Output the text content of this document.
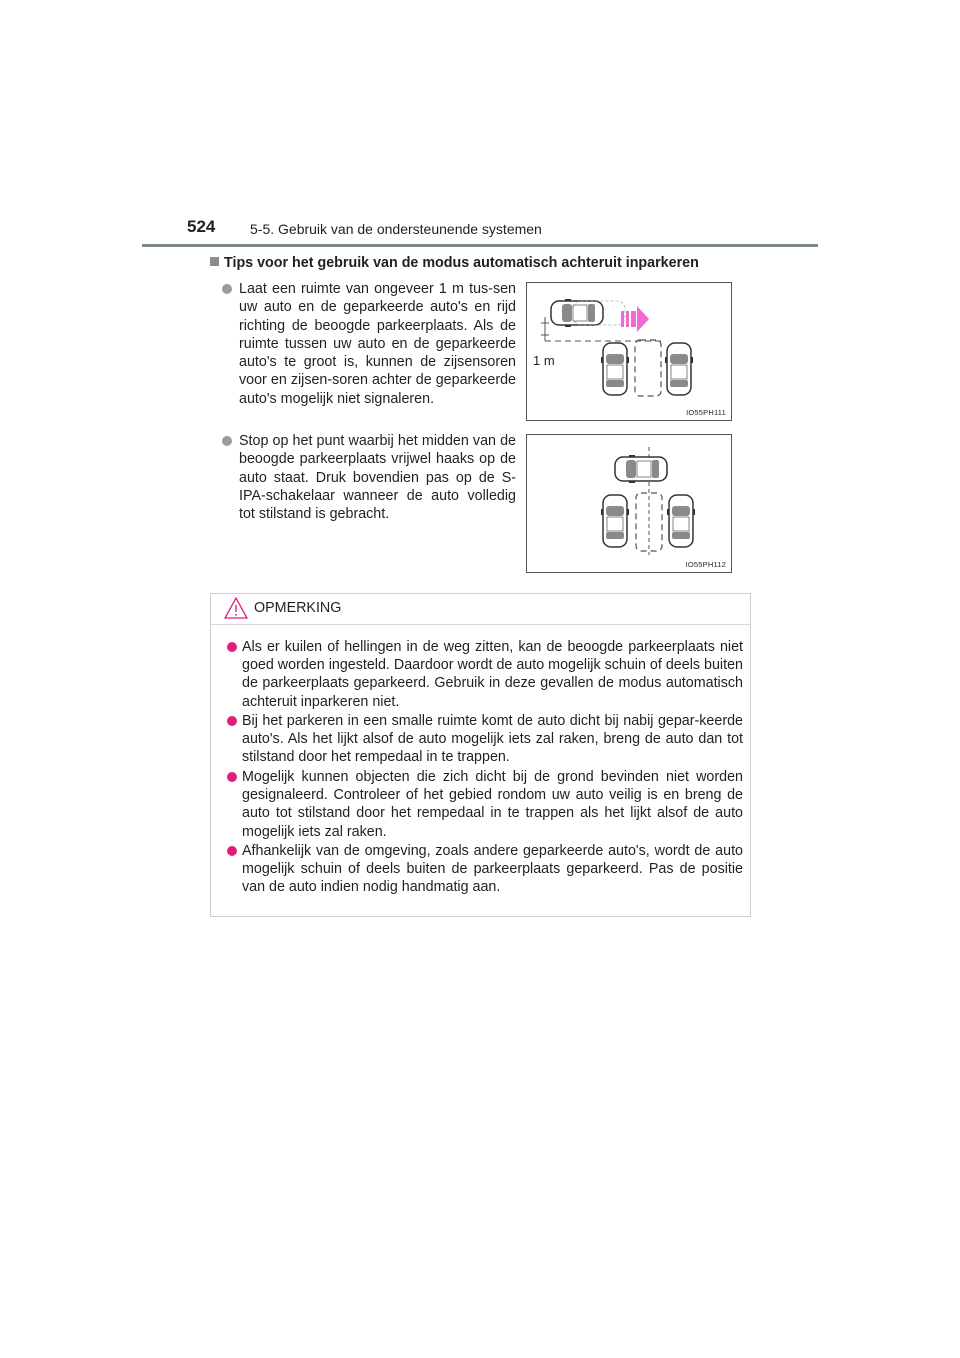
524 5-5. Gebruik van de ondersteunende systemen
Tips voor het gebruik van de modus automatisch achteruit inparkeren
Laat een ruimte van ongeveer 1 m tus-sen uw auto en de geparkeerde auto's en rijd richting de beoogde parkeerplaats. Als de ruimte tussen uw auto en de geparkeerde auto's te groot is, kunnen de zijsensoren voor en zijsen-soren achter de geparkeerde auto's mogelijk niet signaleren.
Stop op het punt waarbij het midden van de beoogde parkeerplaats vrijwel haaks op de auto staat. Druk bovendien pas op de S-IPA-schakelaar wanneer de auto volledig tot stilstand is gebracht.
1 m
IO55PH111
IO55PH112
OPMERKING
Als er kuilen of hellingen in de weg zitten, kan de beoogde parkeerplaats niet goed worden ingesteld. Daardoor wordt de auto mogelijk schuin of deels buiten de parkeerplaats geparkeerd. Gebruik in deze gevallen de modus automatisch achteruit inparkeren niet.
Bij het parkeren in een smalle ruimte komt de auto dicht bij nabij gepar-keerde auto's. Als het lijkt alsof de auto mogelijk iets zal raken, breng de auto dan tot stilstand door het rempedaal in te trappen.
Mogelijk kunnen objecten die zich dicht bij de grond bevinden niet worden gesignaleerd. Controleer of het gebied rondom uw auto veilig is en breng de auto tot stilstand door het rempedaal in te trappen als het lijkt alsof de auto mogelijk iets zal raken.
Afhankelijk van de omgeving, zoals andere geparkeerde auto's, wordt de auto mogelijk schuin of deels buiten de parkeerplaats geparkeerd. Pas de positie van de auto indien nodig handmatig aan.
